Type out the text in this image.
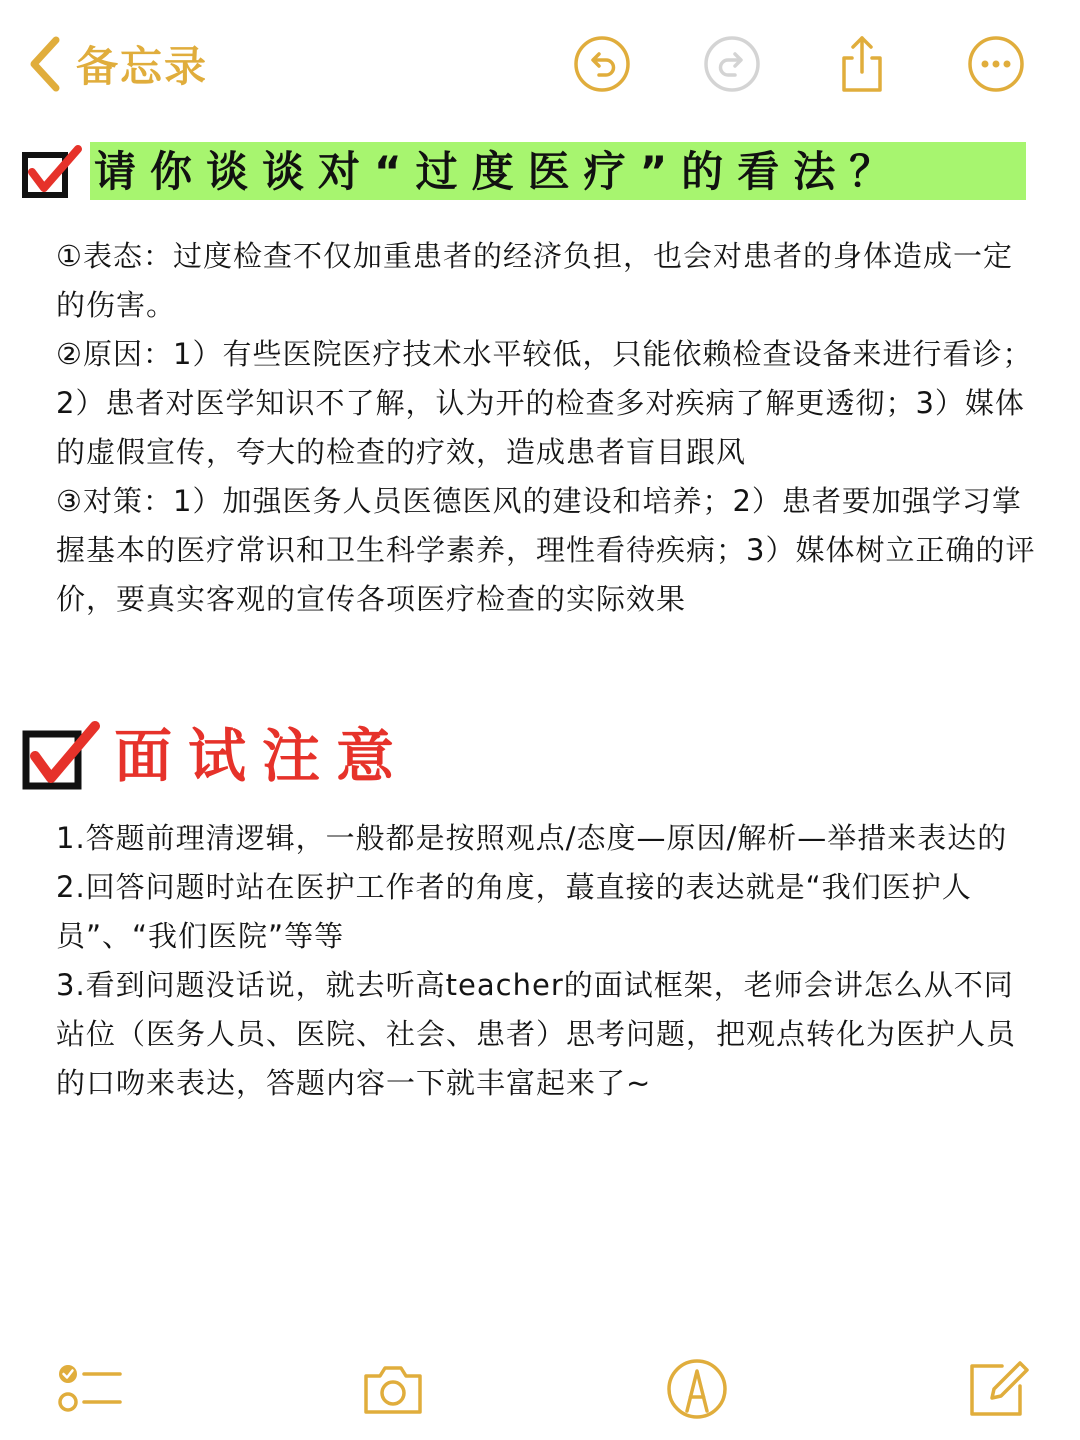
备忘录
请你谈谈对“过度医疗”的看法？

①表态：过度检查不仅加重患者的经济负担，也会对患者的身体造成一定的伤害。

②原因：1）有些医院医疗技术水平较低，只能依赖检查设备来进行看诊；2）患者对医学知识不了解，认为开的检查多对疾病了解更透彻；3）媒体的虚假宣传，夸大的检查的疗效，造成患者盲目跟风

③对策：1）加强医务人员医德医风的建设和培养；2）患者要加强学习掌握基本的医疗常识和卫生科学素养，理性看待疾病；3）媒体树立正确的评价，要真实客观的宣传各项医疗检查的实际效果

面试注意

1.答题前理清逻辑，一般都是按照观点/态度—原因/解析—举措来表达的

2.回答问题时站在医护工作者的角度，蕞直接的表达就是“我们医护人员”、“我们医院”等等

3.看到问题没话说，就去听高teacher的面试框架，老师会讲怎么从不同站位（医务人员、医院、社会、患者）思考问题，把观点转化为医护人员的口吻来表达，答题内容一下就丰富起来了~
